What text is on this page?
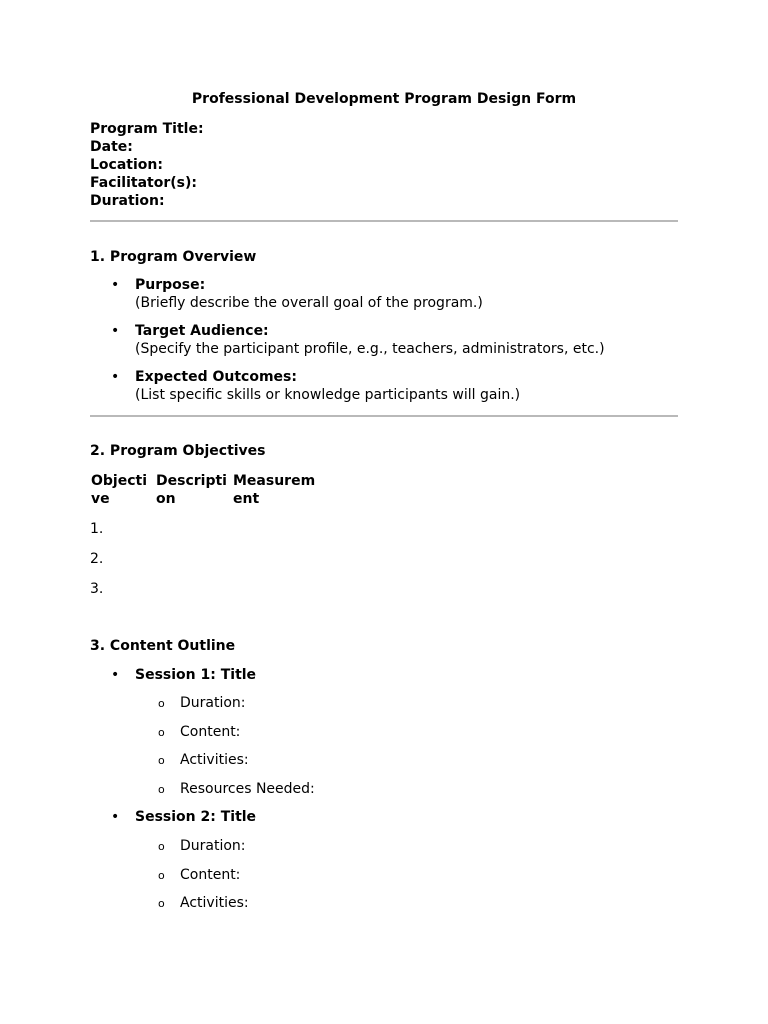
Professional Development Program Design Form
Program Title:
Date:
Location:
Facilitator(s):
Duration:
1. Program Overview
• Purpose:
(Briefly describe the overall goal of the program.)
• Target Audience:
(Specify the participant profile, e.g., teachers, administrators, etc.)
• Expected Outcomes:
(List specific skills or knowledge participants will gain.)
2. Program Objectives
Objecti
ve
Descripti
on
Measurem
ent
1.
2.
3.
3. Content Outline
• Session 1: Title
o Duration:
o Content:
o Activities:
o Resources Needed:
• Session 2: Title
o Duration:
o Content:
o Activities:
